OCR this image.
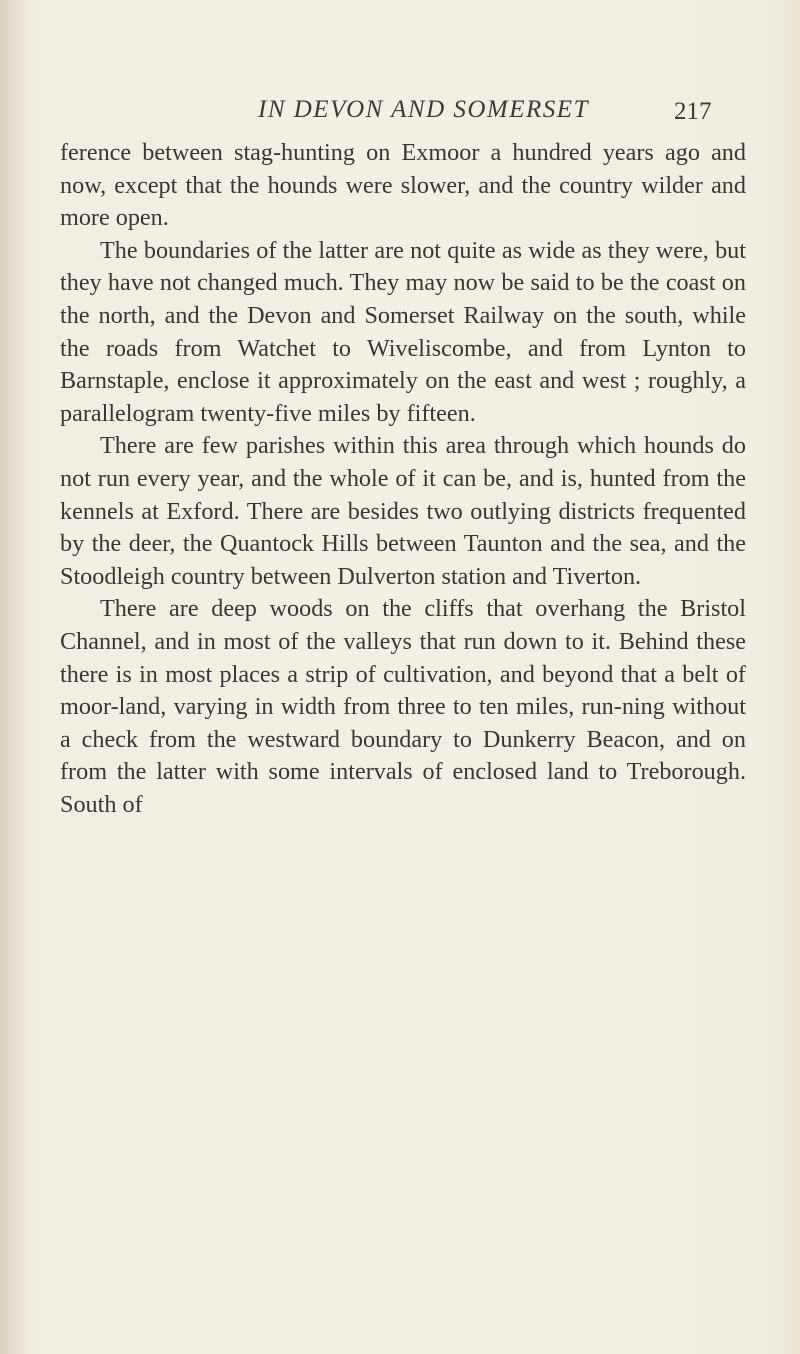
IN DEVON AND SOMERSET	217

ference between stag-hunting on Exmoor a hundred years ago and now, except that the hounds were slower, and the country wilder and more open.

The boundaries of the latter are not quite as wide as they were, but they have not changed much. They may now be said to be the coast on the north, and the Devon and Somerset Railway on the south, while the roads from Watchet to Wiveliscombe, and from Lynton to Barnstaple, enclose it approximately on the east and west ; roughly, a parallelogram twenty-five miles by fifteen.

There are few parishes within this area through which hounds do not run every year, and the whole of it can be, and is, hunted from the kennels at Exford. There are besides two outlying districts frequented by the deer, the Quantock Hills between Taunton and the sea, and the Stoodleigh country between Dulverton station and Tiverton.

There are deep woods on the cliffs that overhang the Bristol Channel, and in most of the valleys that run down to it. Behind these there is in most places a strip of cultivation, and beyond that a belt of moor-land, varying in width from three to ten miles, run-ning without a check from the westward boundary to Dunkerry Beacon, and on from the latter with some intervals of enclosed land to Treborough. South of
